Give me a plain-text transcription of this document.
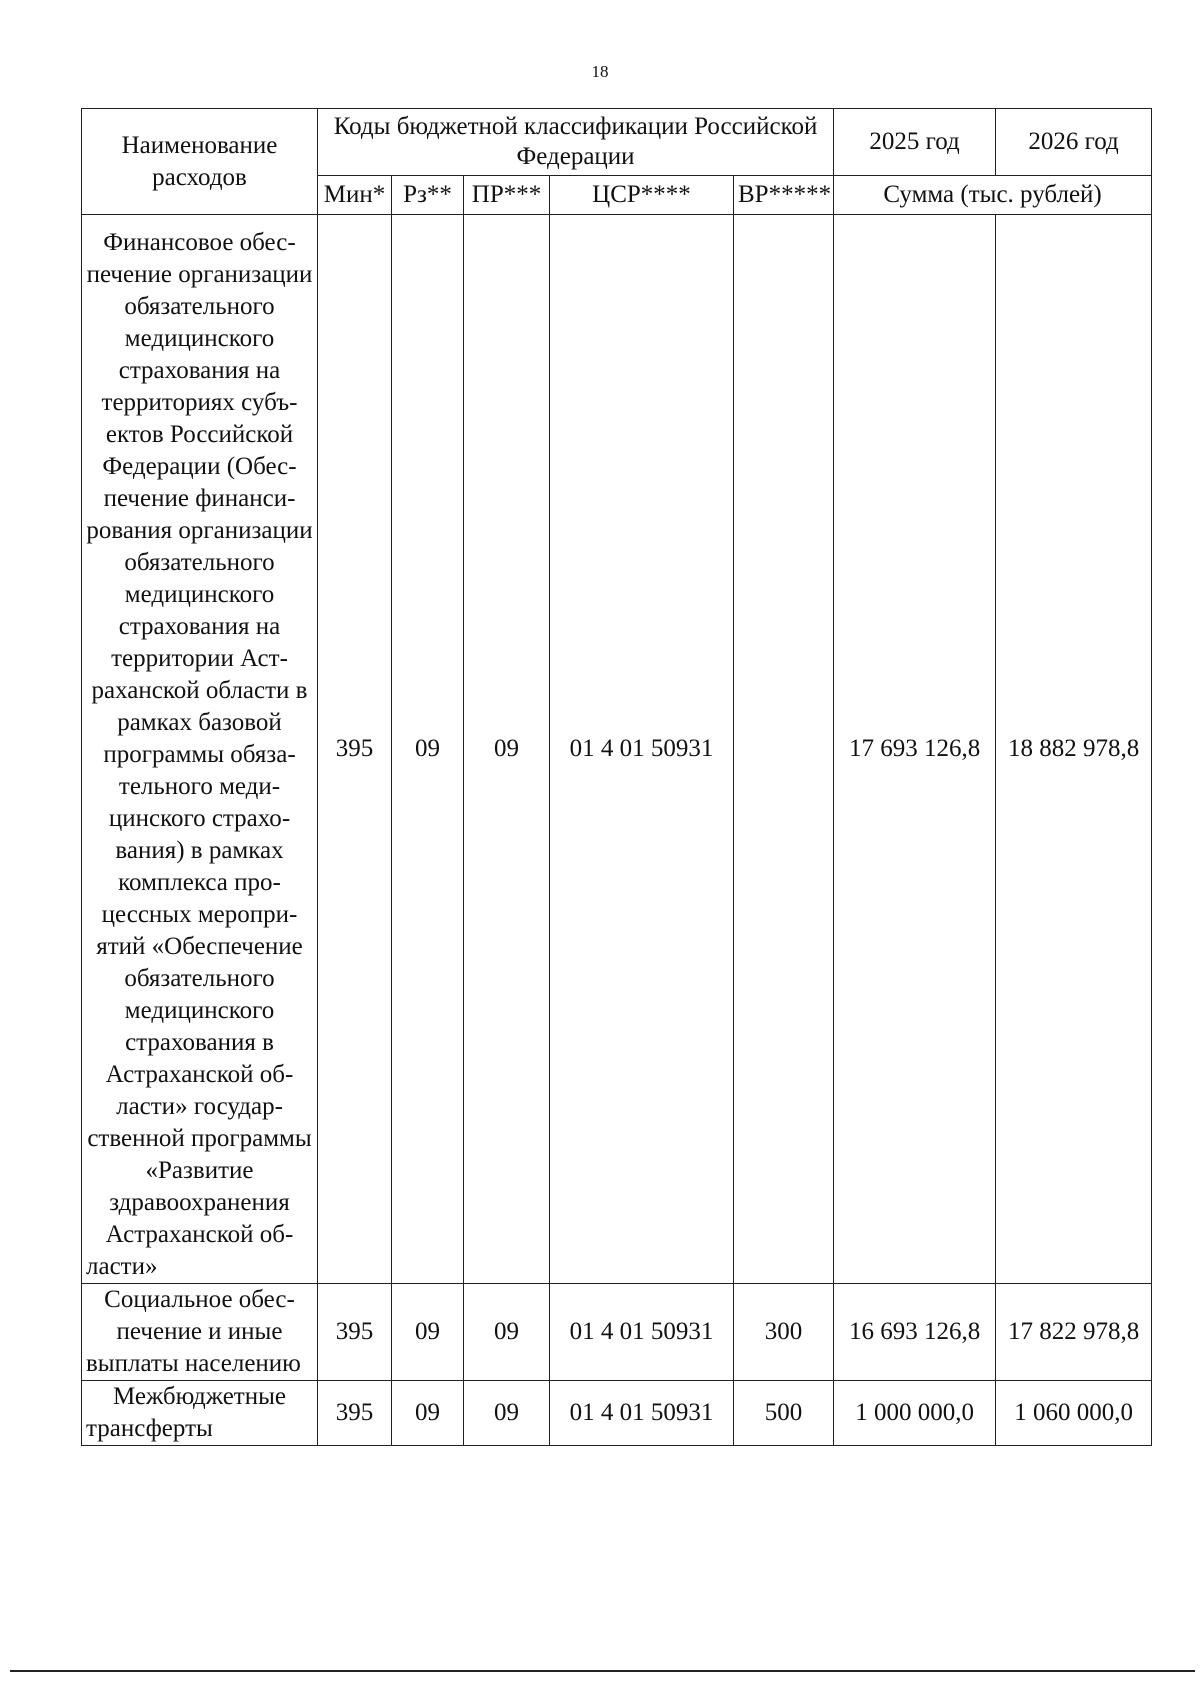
18
Наименование расходов	Коды бюджетной классификации Российской Федерации					2025 год	2026 год
	Мин*	Рз**	ПР***	ЦСР****	ВР*****	Сумма (тыс. рублей)	
Финансовое обеспечение организации обязательного медицинского страхования на территориях субъектов Российской Федерации (Обеспечение финансирования организации обязательного медицинского страхования на территории Астраханской области в рамках базовой программы обязательного медицинского страхования) в рамках комплекса процессных мероприятий «Обеспечение обязательного медицинского страхования в Астраханской области» государственной программы «Развитие здравоохранения Астраханской области»	395	09	09	01 4 01 50931		17 693 126,8	18 882 978,8
Социальное обеспечение и иные выплаты населению	395	09	09	01 4 01 50931	300	16 693 126,8	17 822 978,8
Межбюджетные трансферты	395	09	09	01 4 01 50931	500	1 000 000,0	1 060 000,0
